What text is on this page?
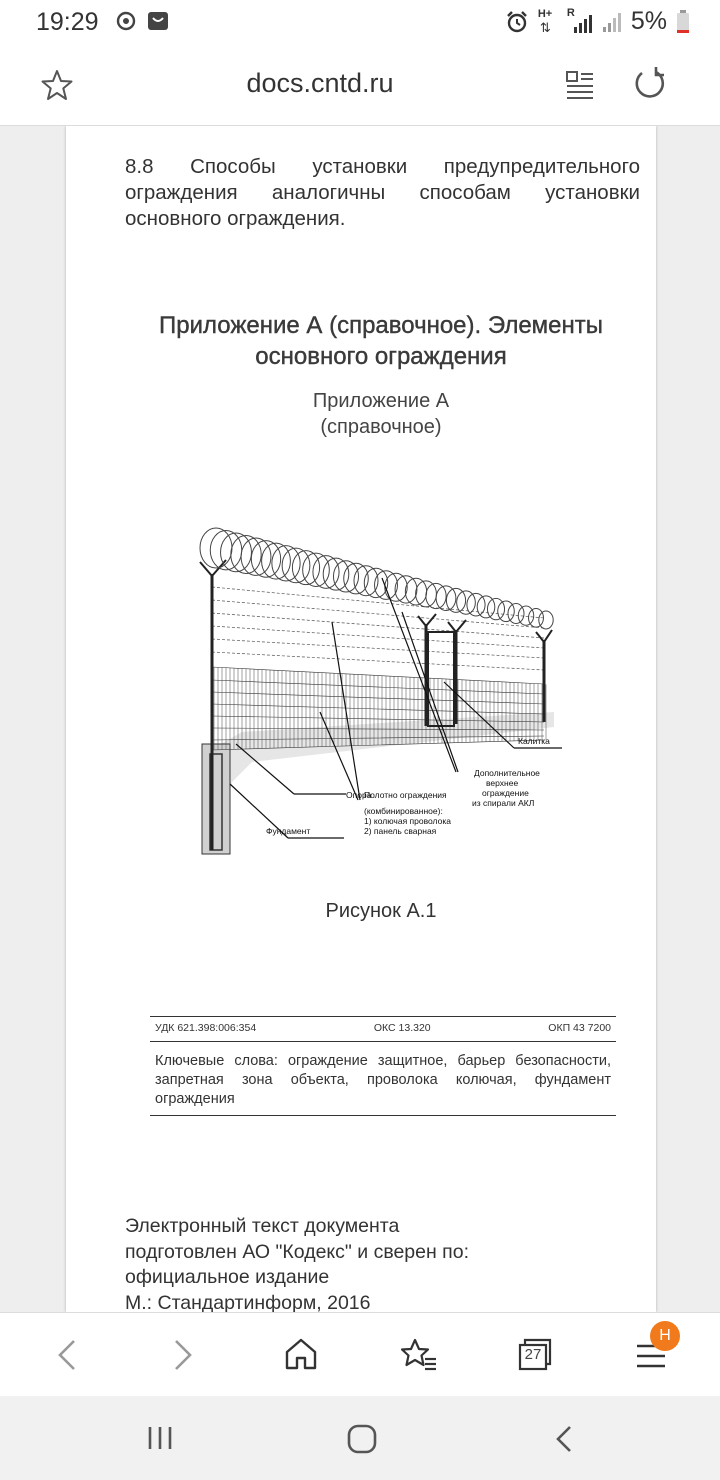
19:29	H+
⇅
R 5%
docs.cntd.ru

8.8 Способы установки предупредительного ограждения аналогичны способам установки основного ограждения.

Приложение А (справочное). Элементы
основного ограждения
Приложение А
(справочное)
Калитка
Дополнительное
верхнее
ограждение
из спирали АКЛ
Опора
Полотно ограждения
(комбинированное):
1) колючая проволока
2) панель сварная
Фундамент
Рисунок А.1
УДК 621.398:006:354	ОКС 13.320	ОКП 43 7200

Ключевые слова: ограждение защитное, барьер безопасности, запретная зона объекта, проволока колючая, фундамент ограждения

Электронный текст документа
подготовлен АО "Кодекс" и сверен по:
официальное издание
М.: Стандартинформ, 2016
27
Н
